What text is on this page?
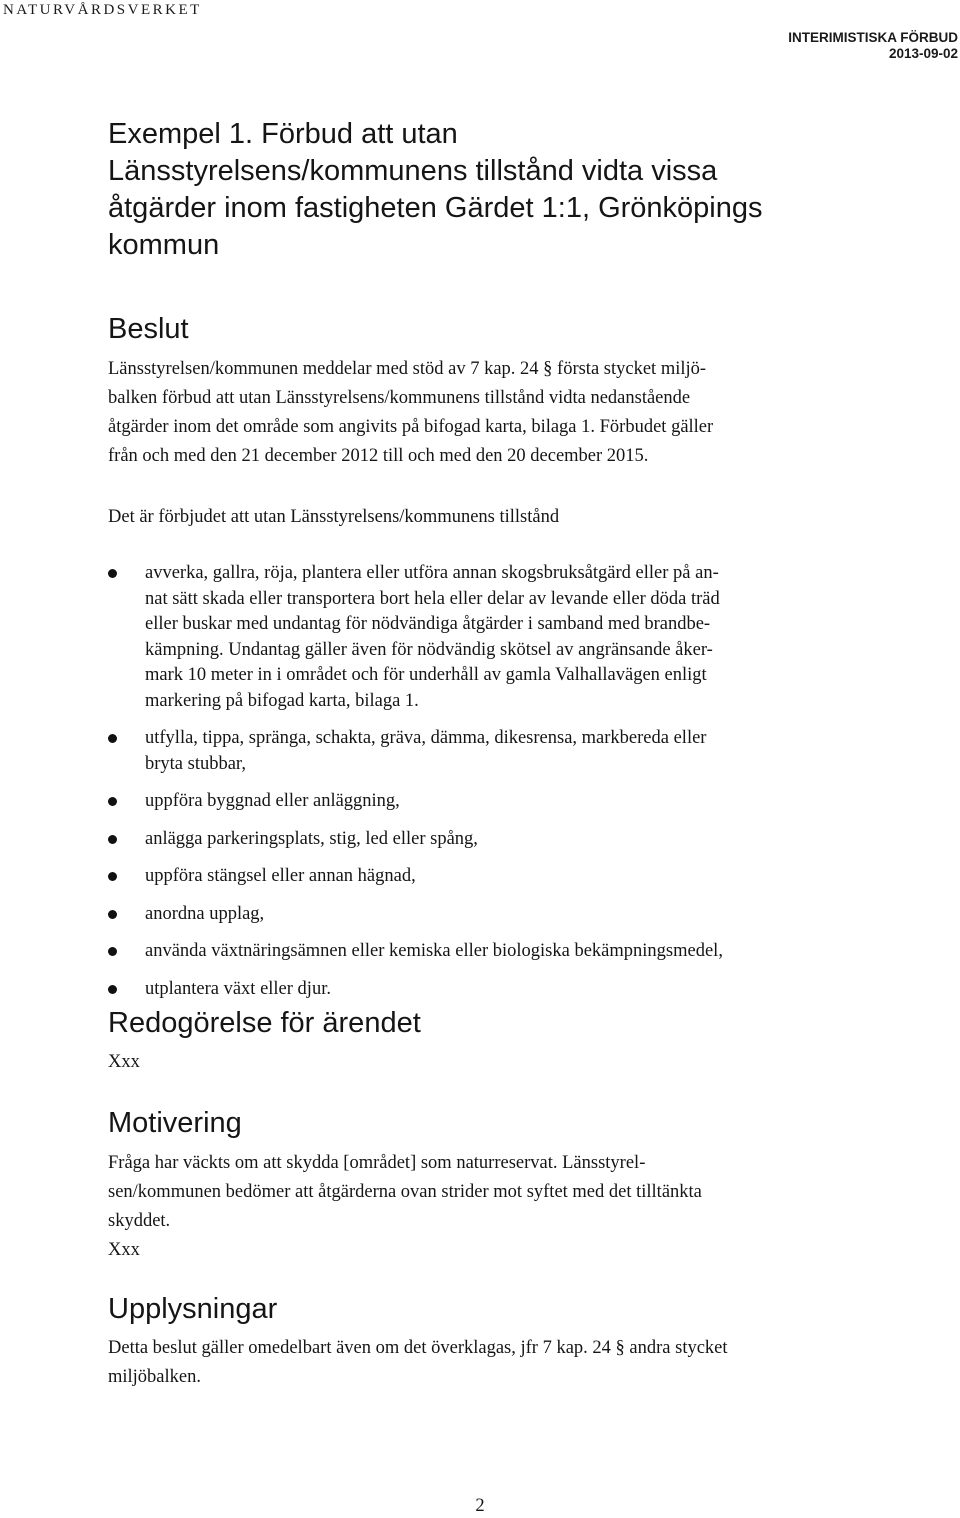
NATURVÅRDSVERKET
INTERIMISTISKA FÖRBUD
2013-09-02
Exempel 1. Förbud att utan
Länsstyrelsens/kommunens tillstånd vidta vissa
åtgärder inom fastigheten Gärdet 1:1, Grönköpings
kommun
Beslut

Länsstyrelsen/kommunen meddelar med stöd av 7 kap. 24 § första stycket miljö-
balken förbud att utan Länsstyrelsens/kommunens tillstånd vidta nedanstående
åtgärder inom det område som angivits på bifogad karta, bilaga 1. Förbudet gäller
från och med den 21 december 2012 till och med den 20 december 2015.

Det är förbjudet att utan Länsstyrelsens/kommunens tillstånd

avverka, gallra, röja, plantera eller utföra annan skogsbruksåtgärd eller på an-
nat sätt skada eller transportera bort hela eller delar av levande eller döda träd
eller buskar med undantag för nödvändiga åtgärder i samband med brandbe-
kämpning. Undantag gäller även för nödvändig skötsel av angränsande åker-
mark 10 meter in i området och för underhåll av gamla Valhallavägen enligt
markering på bifogad karta, bilaga 1.
utfylla, tippa, spränga, schakta, gräva, dämma, dikesrensa, markbereda eller
bryta stubbar,
uppföra byggnad eller anläggning,
anlägga parkeringsplats, stig, led eller spång,
uppföra stängsel eller annan hägnad,
anordna upplag,
använda växtnäringsämnen eller kemiska eller biologiska bekämpningsmedel,
utplantera växt eller djur.
Redogörelse för ärendet

Xxx

Motivering

Fråga har väckts om att skydda [området] som naturreservat. Länsstyrel-
sen/kommunen bedömer att åtgärderna ovan strider mot syftet med det tilltänkta
skyddet.
Xxx

Upplysningar

Detta beslut gäller omedelbart även om det överklagas, jfr 7 kap. 24 § andra stycket
miljöbalken.

2
